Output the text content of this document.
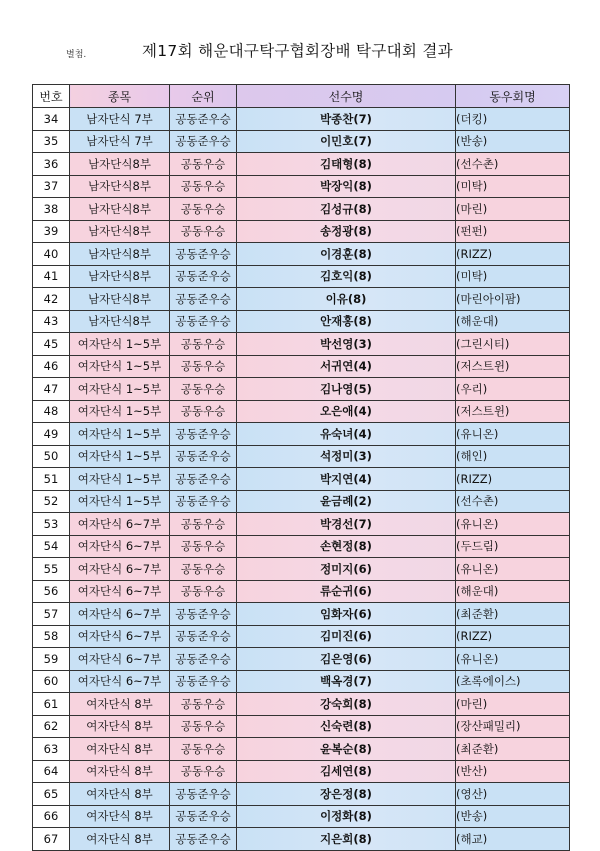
별첨.	제17회 해운대구탁구협회장배 탁구대회 결과
번호	종목	순위	선수명	동우회명
34	남자단식 7부	공동준우승	박종찬(7)	(더킹)
35	남자단식 7부	공동준우승	이민호(7)	(반송)
36	남자단식8부	공동우승	김태형(8)	(선수촌)
37	남자단식8부	공동우승	박장익(8)	(미탁)
38	남자단식8부	공동우승	김성규(8)	(마린)
39	남자단식8부	공동우승	송정광(8)	(펀펀)
40	남자단식8부	공동준우승	이경훈(8)	(RIZZ)
41	남자단식8부	공동준우승	김호익(8)	(미탁)
42	남자단식8부	공동준우승	이유(8)	(마린아이팜)
43	남자단식8부	공동준우승	안재홍(8)	(해운대)
45	여자단식 1~5부	공동우승	박선영(3)	(그린시티)
46	여자단식 1~5부	공동우승	서귀연(4)	(저스트윈)
47	여자단식 1~5부	공동우승	김나영(5)	(우리)
48	여자단식 1~5부	공동우승	오은애(4)	(저스트윈)
49	여자단식 1~5부	공동준우승	유숙녀(4)	(유니온)
50	여자단식 1~5부	공동준우승	석정미(3)	(해인)
51	여자단식 1~5부	공동준우승	박지연(4)	(RIZZ)
52	여자단식 1~5부	공동준우승	윤금례(2)	(선수촌)
53	여자단식 6~7부	공동우승	박경선(7)	(유니온)
54	여자단식 6~7부	공동우승	손현정(8)	(두드림)
55	여자단식 6~7부	공동우승	정미지(6)	(유니온)
56	여자단식 6~7부	공동우승	류순귀(6)	(해운대)
57	여자단식 6~7부	공동준우승	임화자(6)	(최준환)
58	여자단식 6~7부	공동준우승	김미진(6)	(RIZZ)
59	여자단식 6~7부	공동준우승	김은영(6)	(유니온)
60	여자단식 6~7부	공동준우승	백옥경(7)	(초록에이스)
61	여자단식 8부	공동우승	강숙희(8)	(마린)
62	여자단식 8부	공동우승	신숙련(8)	(장산패밀리)
63	여자단식 8부	공동우승	윤복순(8)	(최준환)
64	여자단식 8부	공동우승	김세연(8)	(반산)
65	여자단식 8부	공동준우승	장은정(8)	(영산)
66	여자단식 8부	공동준우승	이정화(8)	(반송)
67	여자단식 8부	공동준우승	지은희(8)	(해교)
